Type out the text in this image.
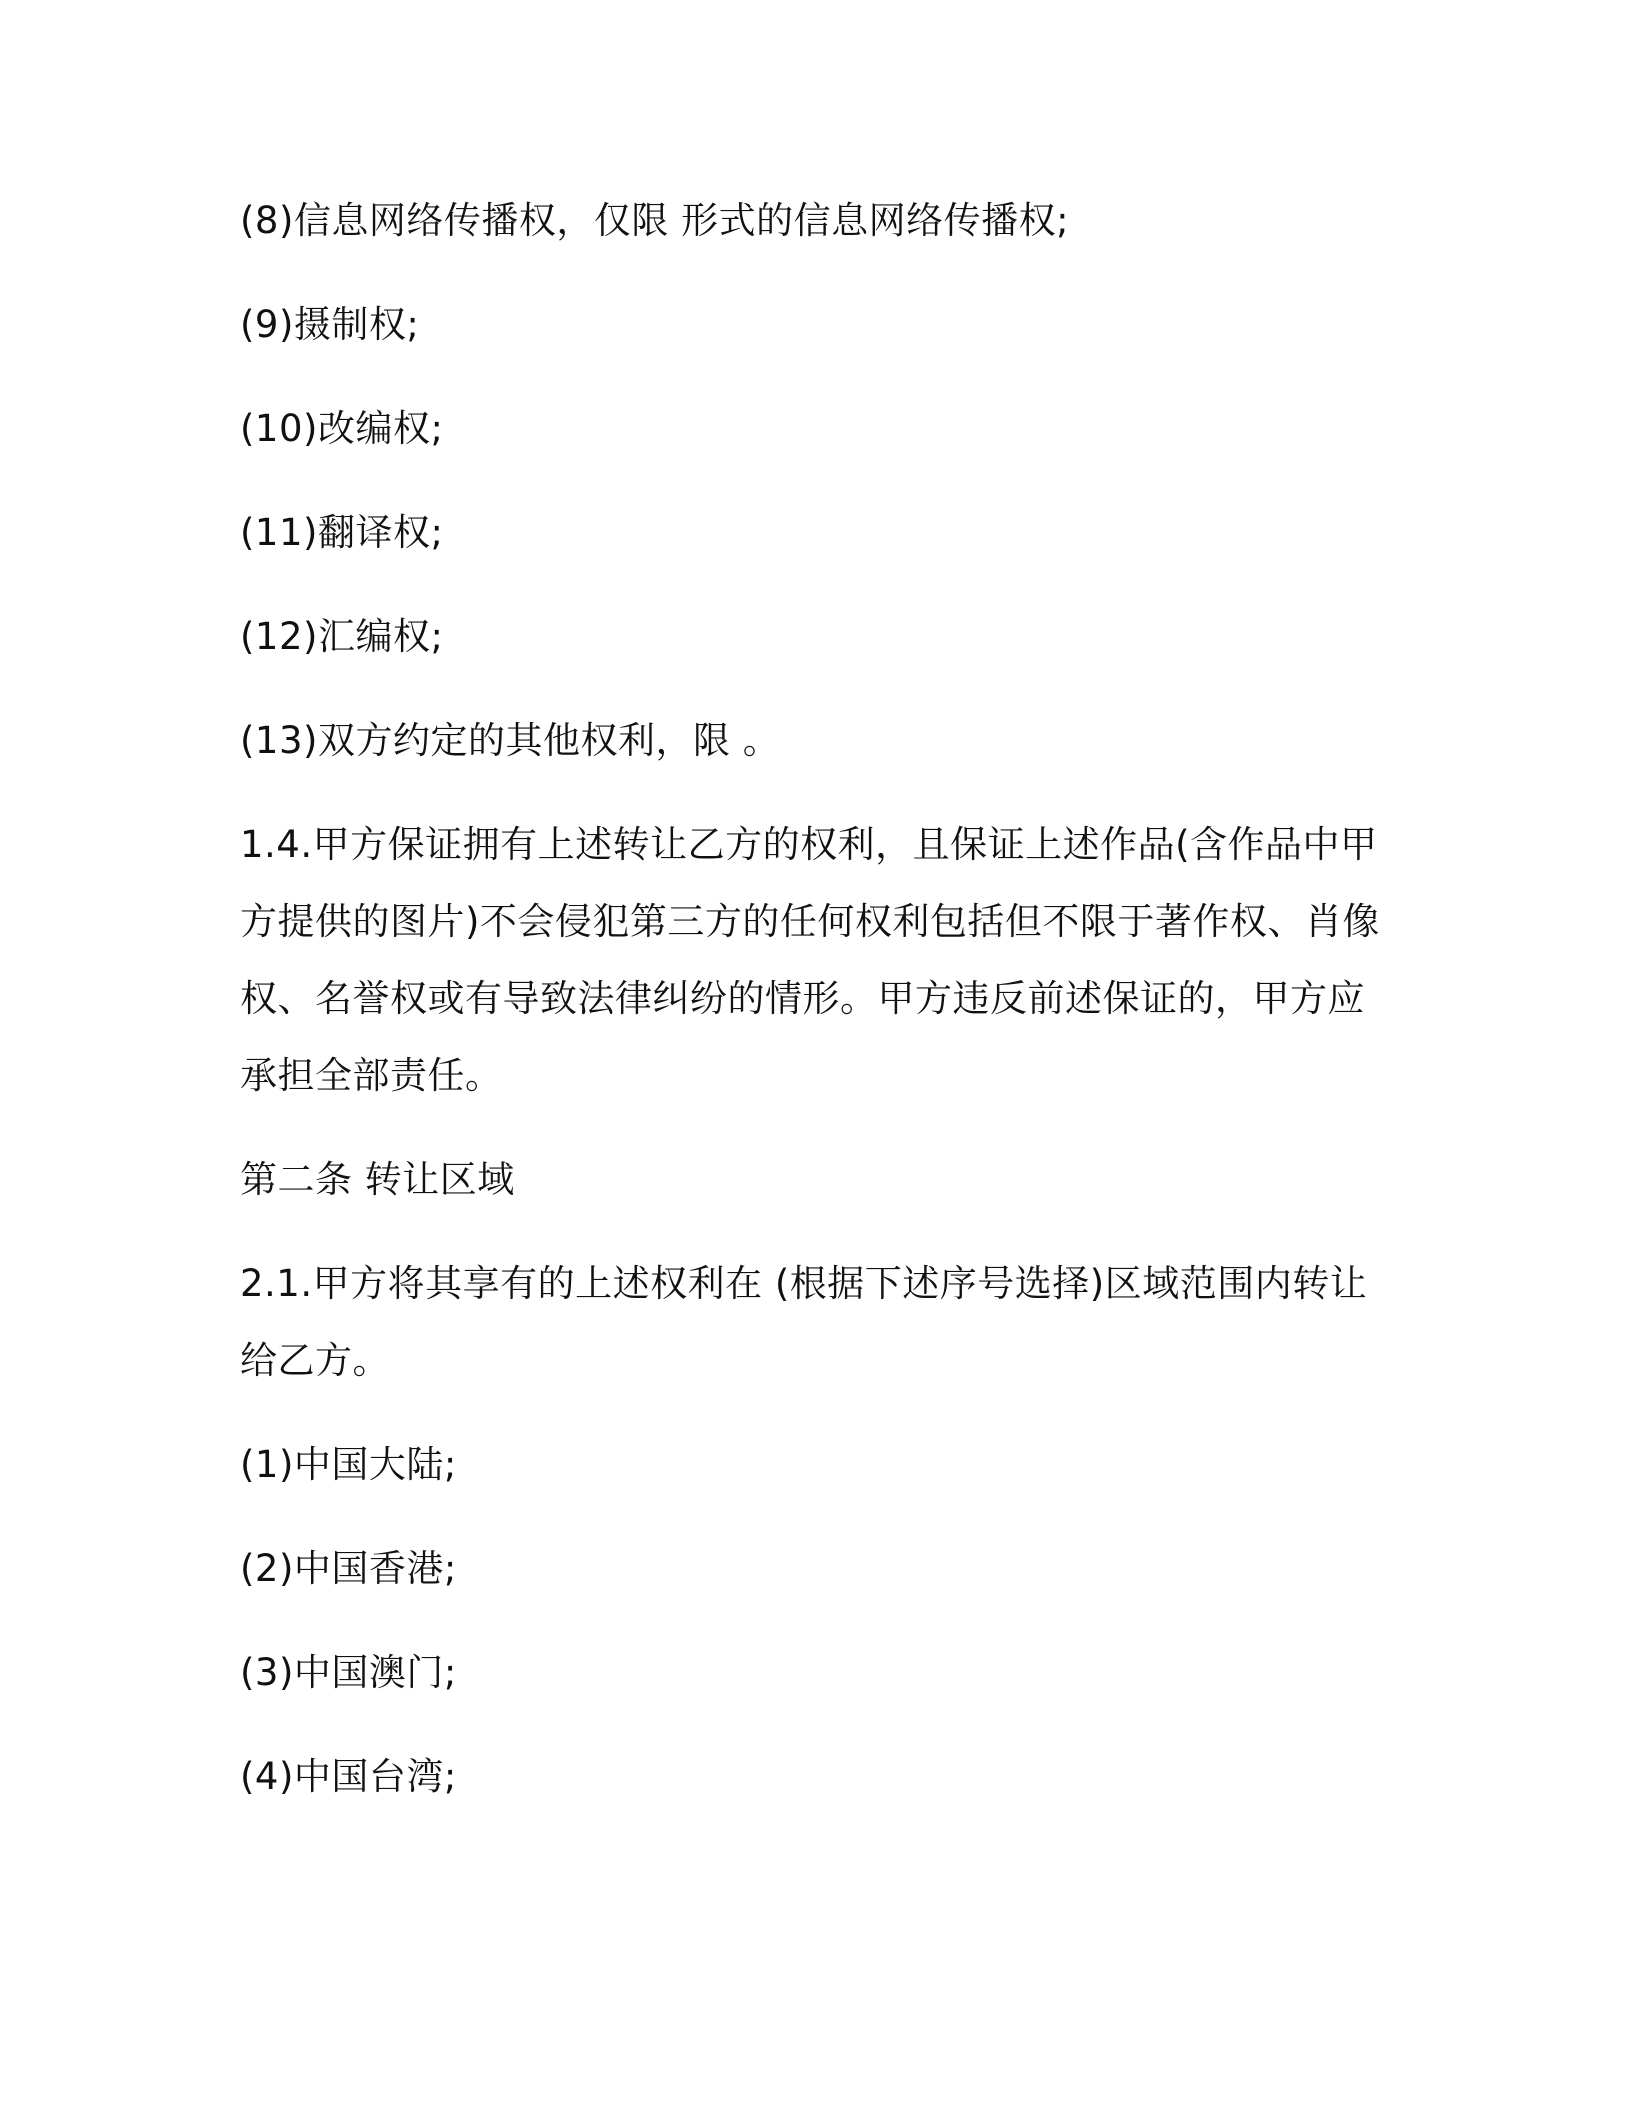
(8)信息网络传播权，仅限 形式的信息网络传播权;

(9)摄制权;

(10)改编权;

(11)翻译权;

(12)汇编权;

(13)双方约定的其他权利，限 。

1.4.甲方保证拥有上述转让乙方的权利，且保证上述作品(含作品中甲方提供的图片)不会侵犯第三方的任何权利包括但不限于著作权、肖像权、名誉权或有导致法律纠纷的情形。甲方违反前述保证的，甲方应承担全部责任。

第二条 转让区域

2.1.甲方将其享有的上述权利在 (根据下述序号选择)区域范围内转让给乙方。

(1)中国大陆;

(2)中国香港;

(3)中国澳门;

(4)中国台湾;
